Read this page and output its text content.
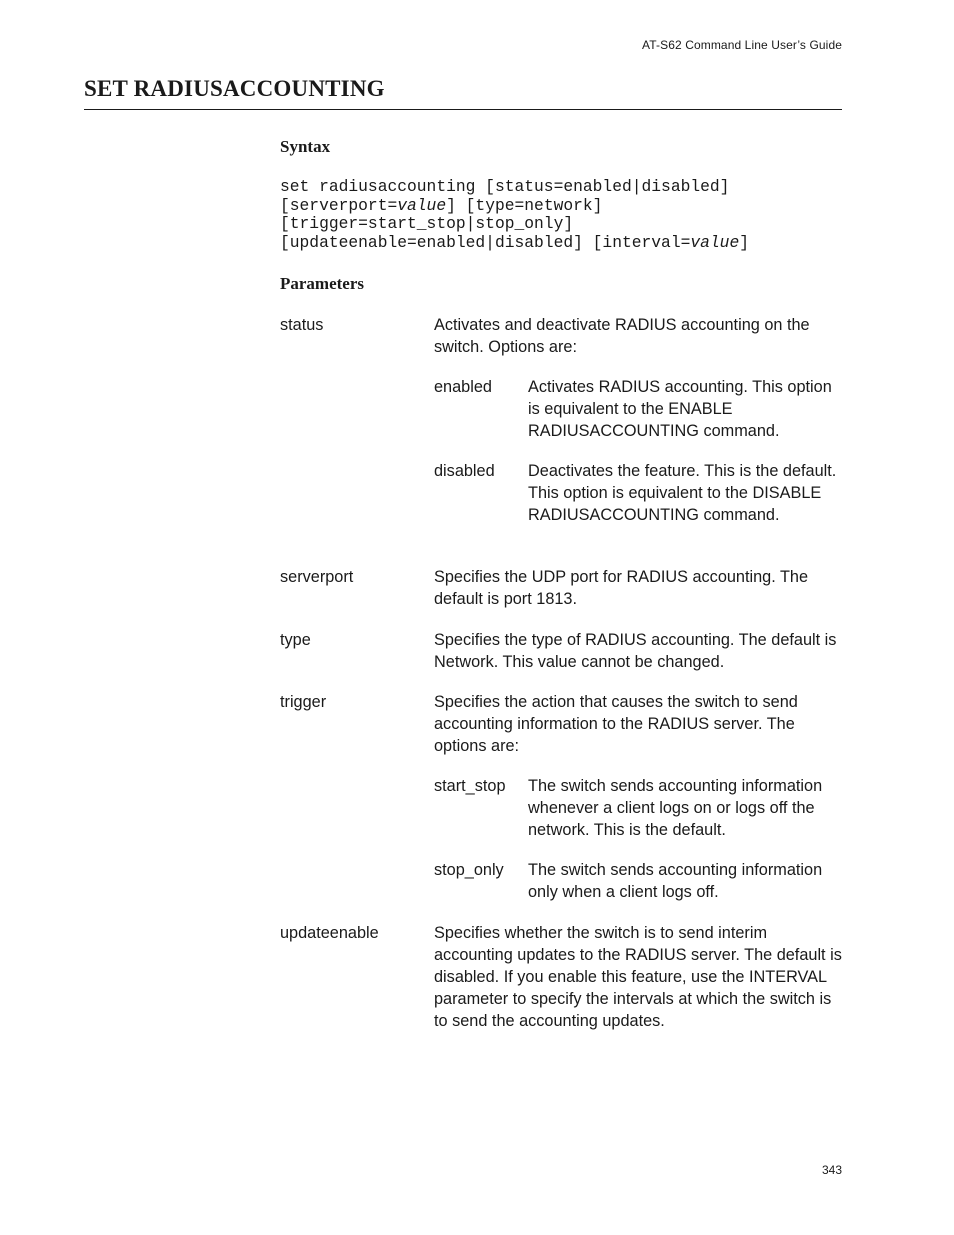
AT-S62 Command Line User’s Guide
SET RADIUSACCOUNTING
Syntax
set radiusaccounting [status=enabled|disabled]
[serverport=value] [type=network]
[trigger=start_stop|stop_only]
[updateenable=enabled|disabled] [interval=value]
Parameters
status	Activates and deactivate RADIUS accounting on the switch. Options are:
enabled Activates RADIUS accounting. This option is equivalent to the ENABLE RADIUSACCOUNTING command.
disabled Deactivates the feature. This is the default. This option is equivalent to the DISABLE RADIUSACCOUNTING command.
serverport	Specifies the UDP port for RADIUS accounting. The default is port 1813.
type	Specifies the type of RADIUS accounting. The default is Network. This value cannot be changed.
trigger	Specifies the action that causes the switch to send accounting information to the RADIUS server. The options are:
start_stop The switch sends accounting information whenever a client logs on or logs off the network. This is the default.
stop_only The switch sends accounting information only when a client logs off.
updateenable	Specifies whether the switch is to send interim accounting updates to the RADIUS server. The default is disabled. If you enable this feature, use the INTERVAL parameter to specify the intervals at which the switch is to send the accounting updates.
343
